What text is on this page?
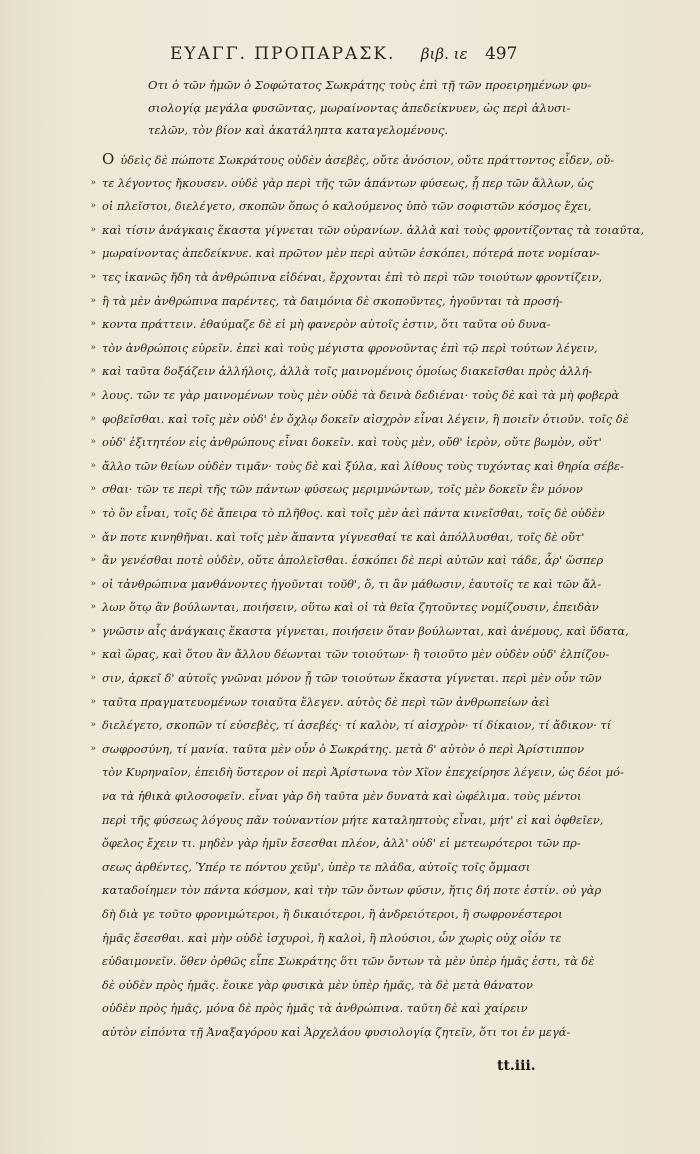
ΕΥΑΓΓ. ΠΡΟΠΑΡΑΣΚ. βιβ. ιε 497
Οτι ὁ τῶν ἡμῶν ὁ Σοφώτατος Σωκράτης τοὺς ἐπὶ τῇ τῶν προειρημένων φυ-
σιολογίᾳ μεγάλα φυσῶντας, μωραίνοντας ἀπεδείκνυεν, ὡς περὶ ἀλυσι-
τελῶν, τὸν βίον καὶ ἀκατάληπτα καταγελομένους.
Ο ὐδεὶς δὲ πώποτε Σωκράτους οὐδὲν ἀσεβὲς, οὔτε ἀνόσιον, οὔτε πράττοντος εἶδεν, οὔ-
» τε λέγοντος ἤκουσεν. οὐδὲ γὰρ περὶ τῆς τῶν ἁπάντων φύσεως, ᾗ περ τῶν ἄλλων, ὡς
» οἱ πλεῖστοι, διελέγετο, σκοπῶν ὅπως ὁ καλούμενος ὑπὸ τῶν σοφιστῶν κόσμος ἔχει,
» καὶ τίσιν ἀνάγκαις ἕκαστα γίγνεται τῶν οὐρανίων. ἀλλὰ καὶ τοὺς φροντίζοντας τὰ τοιαῦτα,
» μωραίνοντας ἀπεδείκνυε. καὶ πρῶτον μὲν περὶ αὐτῶν ἐσκόπει, πότερά ποτε νομίσαν-
» τες ἱκανῶς ἤδη τὰ ἀνθρώπινα εἰδέναι, ἔρχονται ἐπὶ τὸ περὶ τῶν τοιούτων φροντίζειν,
» ἢ τὰ μὲν ἀνθρώπινα παρέντες, τὰ δαιμόνια δὲ σκοποῦντες, ἡγοῦνται τὰ προσή-
» κοντα πράττειν. ἐθαύμαζε δὲ εἰ μὴ φανερὸν αὐτοῖς ἐστιν, ὅτι ταῦτα οὐ δυνα-
» τὸν ἀνθρώποις εὑρεῖν. ἐπεὶ καὶ τοὺς μέγιστα φρονοῦντας ἐπὶ τῷ περὶ τούτων λέγειν,
» καὶ ταῦτα δοξάζειν ἀλλήλοις, ἀλλὰ τοῖς μαινομένοις ὁμοίως διακεῖσθαι πρὸς ἀλλή-
» λους. τῶν τε γὰρ μαινομένων τοὺς μὲν οὐδὲ τὰ δεινὰ δεδιέναι· τοὺς δὲ καὶ τὰ μὴ φοβερὰ
» φοβεῖσθαι. καὶ τοῖς μὲν οὐδ' ἐν ὄχλῳ δοκεῖν αἰσχρὸν εἶναι λέγειν, ἢ ποιεῖν ὁτιοῦν. τοῖς δὲ
» οὐδ' ἐξιτητέον εἰς ἀνθρώπους εἶναι δοκεῖν. καὶ τοὺς μὲν, οὔθ' ἱερὸν, οὔτε βωμὸν, οὔτ'
» ἄλλο τῶν θείων οὐδὲν τιμᾶν· τοὺς δὲ καὶ ξύλα, καὶ λίθους τοὺς τυχόντας καὶ θηρία σέβε-
» σθαι· τῶν τε περὶ τῆς τῶν πάντων φύσεως μεριμνώντων, τοῖς μὲν δοκεῖν ἓν μόνον
» τὸ ὂν εἶναι, τοῖς δὲ ἄπειρα τὸ πλῆθος. καὶ τοῖς μὲν ἀεὶ πάντα κινεῖσθαι, τοῖς δὲ οὐδὲν
» ἄν ποτε κινηθῆναι. καὶ τοῖς μὲν ἅπαντα γίγνεσθαί τε καὶ ἀπόλλυσθαι, τοῖς δὲ οὔτ'
» ἂν γενέσθαι ποτὲ οὐδὲν, οὔτε ἀπολεῖσθαι. ἐσκόπει δὲ περὶ αὐτῶν καὶ τάδε, ἆρ' ὥσπερ
» οἱ τἀνθρώπινα μανθάνοντες ἡγοῦνται τοῦθ', ὅ, τι ἂν μάθωσιν, ἑαυτοῖς τε καὶ τῶν ἄλ-
» λων ὅτῳ ἂν βούλωνται, ποιήσειν, οὕτω καὶ οἱ τὰ θεῖα ζητοῦντες νομίζουσιν, ἐπειδὰν
» γνῶσιν αἷς ἀνάγκαις ἕκαστα γίγνεται, ποιήσειν ὅταν βούλωνται, καὶ ἀνέμους, καὶ ὕδατα,
» καὶ ὥρας, καὶ ὅτου ἂν ἄλλου δέωνται τῶν τοιούτων· ἢ τοιοῦτο μὲν οὐδὲν οὐδ' ἐλπίζου-
» σιν, ἀρκεῖ δ' αὐτοῖς γνῶναι μόνον ᾗ τῶν τοιούτων ἕκαστα γίγνεται. περὶ μὲν οὖν τῶν
» ταῦτα πραγματευομένων τοιαῦτα ἔλεγεν. αὐτὸς δὲ περὶ τῶν ἀνθρωπείων ἀεὶ
» διελέγετο, σκοπῶν τί εὐσεβὲς, τί ἀσεβές· τί καλὸν, τί αἰσχρὸν· τί δίκαιον, τί ἄδικον· τί
» σωφροσύνη, τί μανία. ταῦτα μὲν οὖν ὁ Σωκράτης. μετὰ δ' αὐτὸν ὁ περὶ Ἀρίστιππον
τὸν Κυρηναῖον, ἐπειδὴ ὕστερον οἱ περὶ Ἀρίστωνα τὸν Χῖον ἐπεχείρησε λέγειν, ὡς δέοι μό-
να τὰ ἠθικὰ φιλοσοφεῖν. εἶναι γὰρ δὴ ταῦτα μὲν δυνατὰ καὶ ὠφέλιμα. τοὺς μέντοι
περὶ τῆς φύσεως λόγους πᾶν τοὐναντίον μήτε καταληπτοὺς εἶναι, μήτ' εἰ καὶ ὀφθεῖεν,
ὄφελος ἔχειν τι. μηδὲν γὰρ ἡμῖν ἔσεσθαι πλέον, ἀλλ' οὐδ' εἰ μετεωρότεροι τῶν πρ-
σεως ἀρθέντες, Ὑπέρ τε πόντου χεῦμ', ὑπὲρ τε πλάδα, αὐτοῖς τοῖς ὄμμασι
καταδοίημεν τὸν πάντα κόσμον, καὶ τὴν τῶν ὄντων φύσιν, ἥτις δή ποτε ἐστίν. οὐ γὰρ
δὴ διὰ γε τοῦτο φρονιμώτεροι, ἢ δικαιότεροι, ἢ ἀνδρειότεροι, ἢ σωφρονέστεροι
ἡμᾶς ἔσεσθαι. καὶ μὴν οὐδὲ ἰσχυροὶ, ἢ καλοὶ, ἢ πλούσιοι, ὧν χωρὶς οὐχ οἷόν τε
εὐδαιμονεῖν. ὅθεν ὀρθῶς εἶπε Σωκράτης ὅτι τῶν ὄντων τὰ μὲν ὑπὲρ ἡμᾶς ἐστι, τὰ δὲ
δὲ οὐδὲν πρὸς ἡμᾶς. ἔοικε γὰρ φυσικὰ μὲν ὑπὲρ ἡμᾶς, τὰ δὲ μετὰ θάνατον
οὐδὲν πρὸς ἡμᾶς, μόνα δὲ πρὸς ἡμᾶς τὰ ἀνθρώπινα. ταῦτη δὲ καὶ χαίρειν
αὐτὸν εἰπόντα τῇ Ἀναξαγόρου καὶ Ἀρχελάου φυσιολογίᾳ ζητεῖν, ὅτι τοι ἐν μεγά-
tt.iii.
